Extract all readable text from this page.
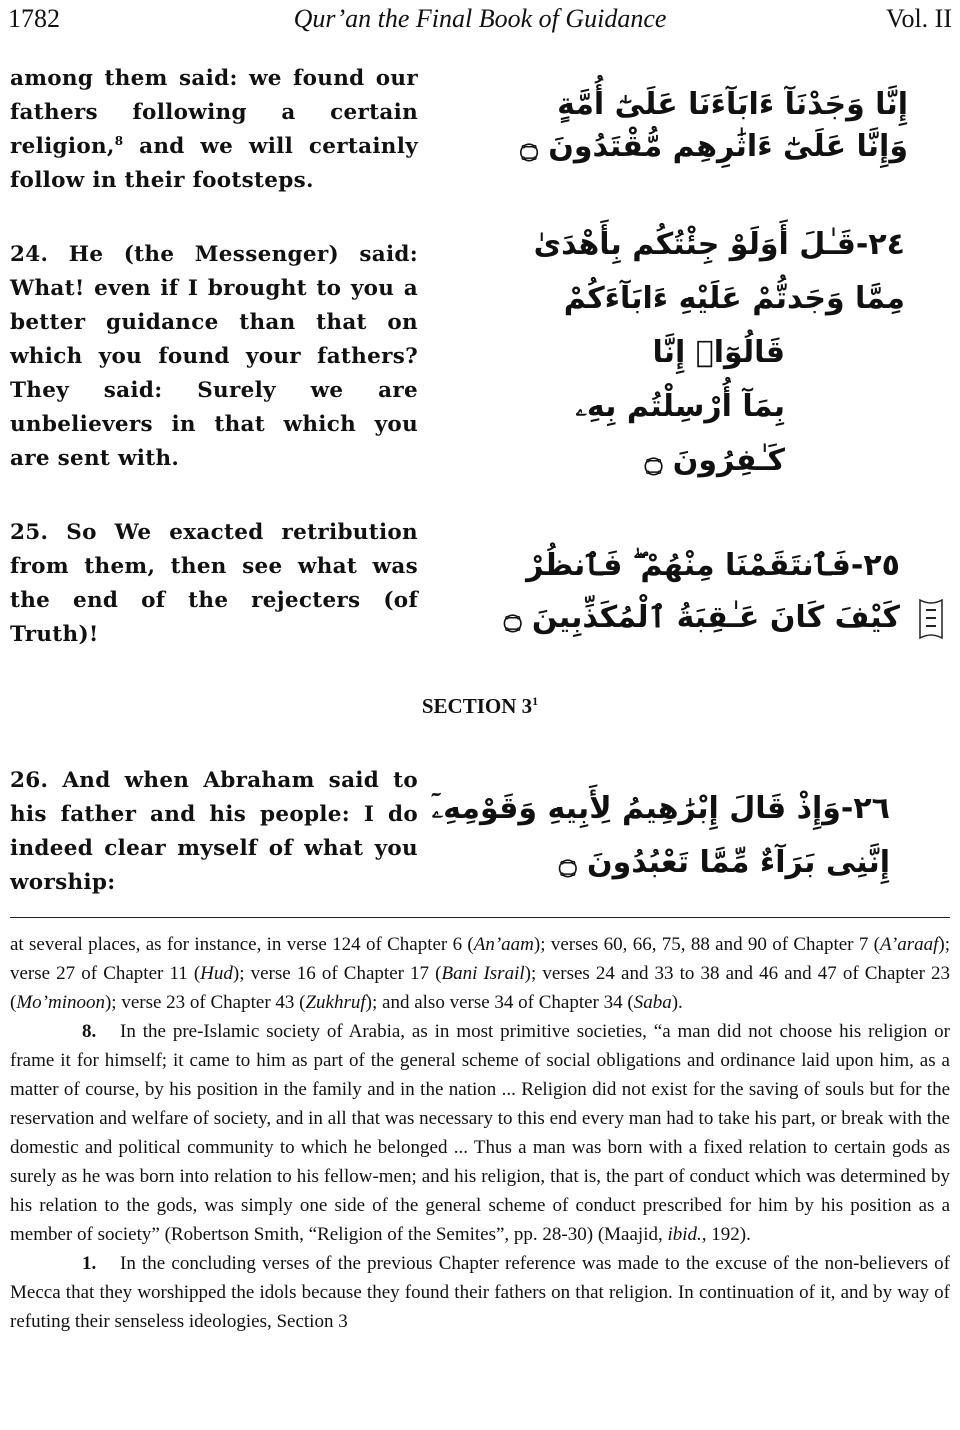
1782	Qur’an the Final Book of Guidance	Vol. II
among them said: we found our fathers following a certain religion,$^8$ and we will certainly follow in their footsteps.
إِنَّا وَجَدْنَآ ءَابَآءَنَا عَلَىٰٓ أُمَّةٍ
وَإِنَّا عَلَىٰٓ ءَاثَٰرِهِم مُّقْتَدُونَ ۝
24. He (the Messenger) said: What! even if I brought to you a better guidance than that on which you found your fathers? They said: Surely we are unbelievers in that which you are sent with.
٢٤-قَـٰلَ أَوَلَوْ جِئْتُكُم بِأَهْدَىٰ
مِمَّا وَجَدتُّمْ عَلَيْهِ ءَابَآءَكُمْ
قَالُوٓا۟ إِنَّا
بِمَآ أُرْسِلْتُم بِهِۦ
كَـٰفِرُونَ ۝
25. So We exacted retribution from them, then see what was the end of the rejecters (of Truth)!
٢٥-فَٱنتَقَمْنَا مِنْهُمْ ۖ فَٱنظُرْ
كَيْفَ كَانَ عَـٰقِبَةُ ٱلْمُكَذِّبِينَ ۝
SECTION $3^1$
26. And when Abraham said to his father and his people: I do indeed clear myself of what you worship:
٢٦-وَإِذْ قَالَ إِبْرَٰهِيمُ لِأَبِيهِ وَقَوْمِهِۦٓ
إِنَّنِى بَرَآءٌ مِّمَّا تَعْبُدُونَ ۝

at several places, as for instance, in verse 124 of Chapter 6 (An’aam); verses 60, 66, 75, 88 and 90 of Chapter 7 (A’araaf); verse 27 of Chapter 11 (Hud); verse 16 of Chapter 17 (Bani Israil); verses 24 and 33 to 38 and 46 and 47 of Chapter 23 (Mo’minoon); verse 23 of Chapter 43 (Zukhruf); and also verse 34 of Chapter 34 (Saba).

8. In the pre-Islamic society of Arabia, as in most primitive societies, “a man did not choose his religion or frame it for himself; it came to him as part of the general scheme of social obligations and ordinance laid upon him, as a matter of course, by his position in the family and in the nation ... Religion did not exist for the saving of souls but for the reservation and welfare of society, and in all that was necessary to this end every man had to take his part, or break with the domestic and political community to which he belonged ... Thus a man was born with a fixed relation to certain gods as surely as he was born into relation to his fellow-men; and his religion, that is, the part of conduct which was determined by his relation to the gods, was simply one side of the general scheme of conduct prescribed for him by his position as a member of society” (Robertson Smith, “Religion of the Semites”, pp. 28-30) (Maajid, ibid., 192).

1. In the concluding verses of the previous Chapter reference was made to the excuse of the non-believers of Mecca that they worshipped the idols because they found their fathers on that religion. In continuation of it, and by way of refuting their senseless ideologies, Section 3
